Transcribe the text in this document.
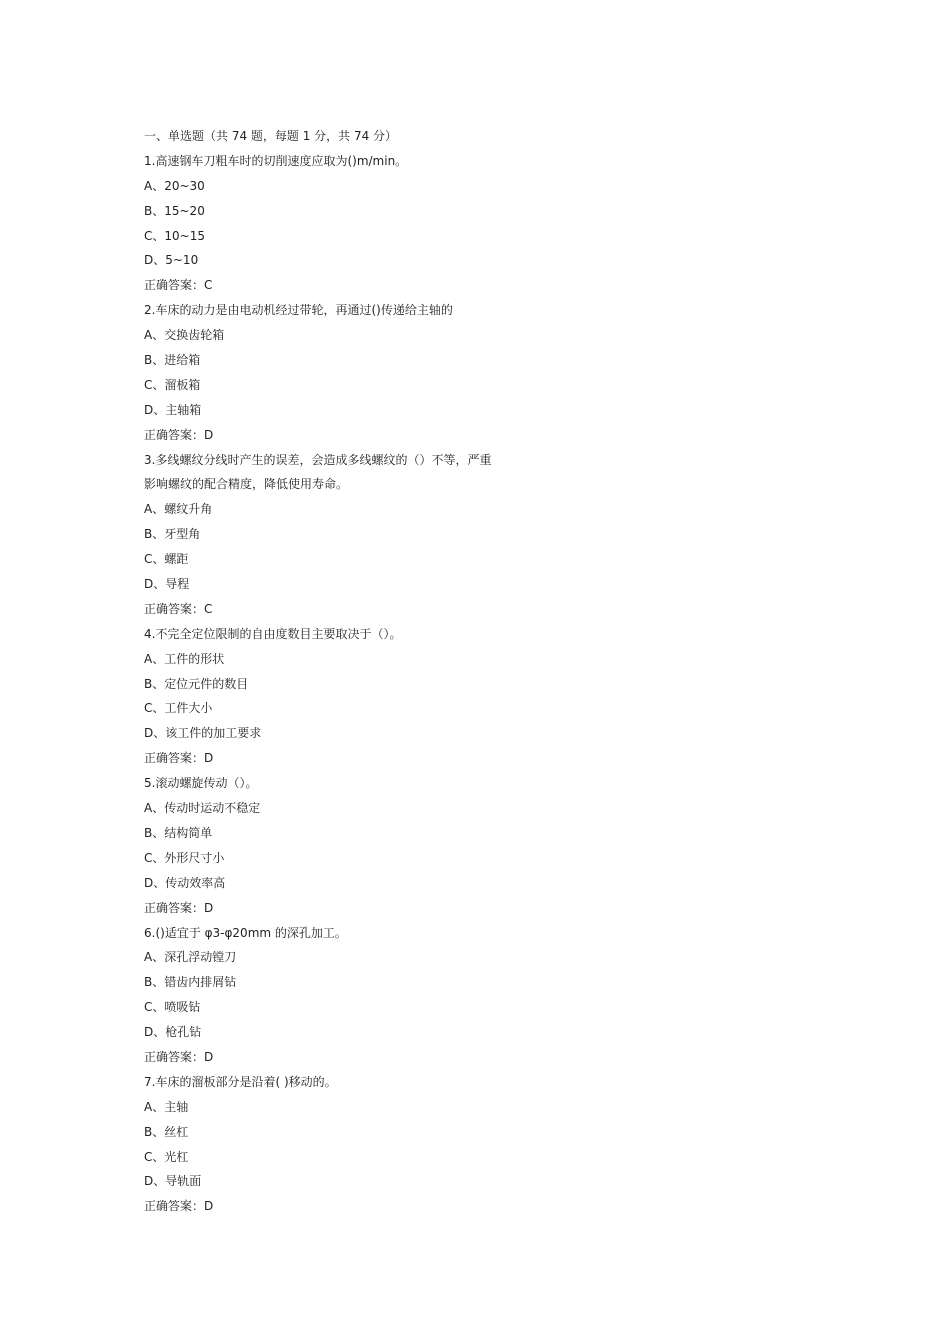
一、单选题（共 74 题，每题 1 分，共 74 分）
1.高速钢车刀粗车时的切削速度应取为()m/min。
A、20~30
B、15~20
C、10~15
D、5~10
正确答案：C
2.车床的动力是由电动机经过带轮，再通过()传递给主轴的
A、交换齿轮箱
B、进给箱
C、溜板箱
D、主轴箱
正确答案：D
3.多线螺纹分线时产生的误差，会造成多线螺纹的（）不等，严重
影响螺纹的配合精度，降低使用寿命。
A、螺纹升角
B、牙型角
C、螺距
D、导程
正确答案：C
4.不完全定位限制的自由度数目主要取决于（）。
A、工件的形状
B、定位元件的数目
C、工件大小
D、该工件的加工要求
正确答案：D
5.滚动螺旋传动（）。
A、传动时运动不稳定
B、结构简单
C、外形尺寸小
D、传动效率高
正确答案：D
6.()适宜于 φ3-φ20mm 的深孔加工。
A、深孔浮动镗刀
B、错齿内排屑钻
C、喷吸钻
D、枪孔钻
正确答案：D
7.车床的溜板部分是沿着( )移动的。
A、主轴
B、丝杠
C、光杠
D、导轨面
正确答案：D
